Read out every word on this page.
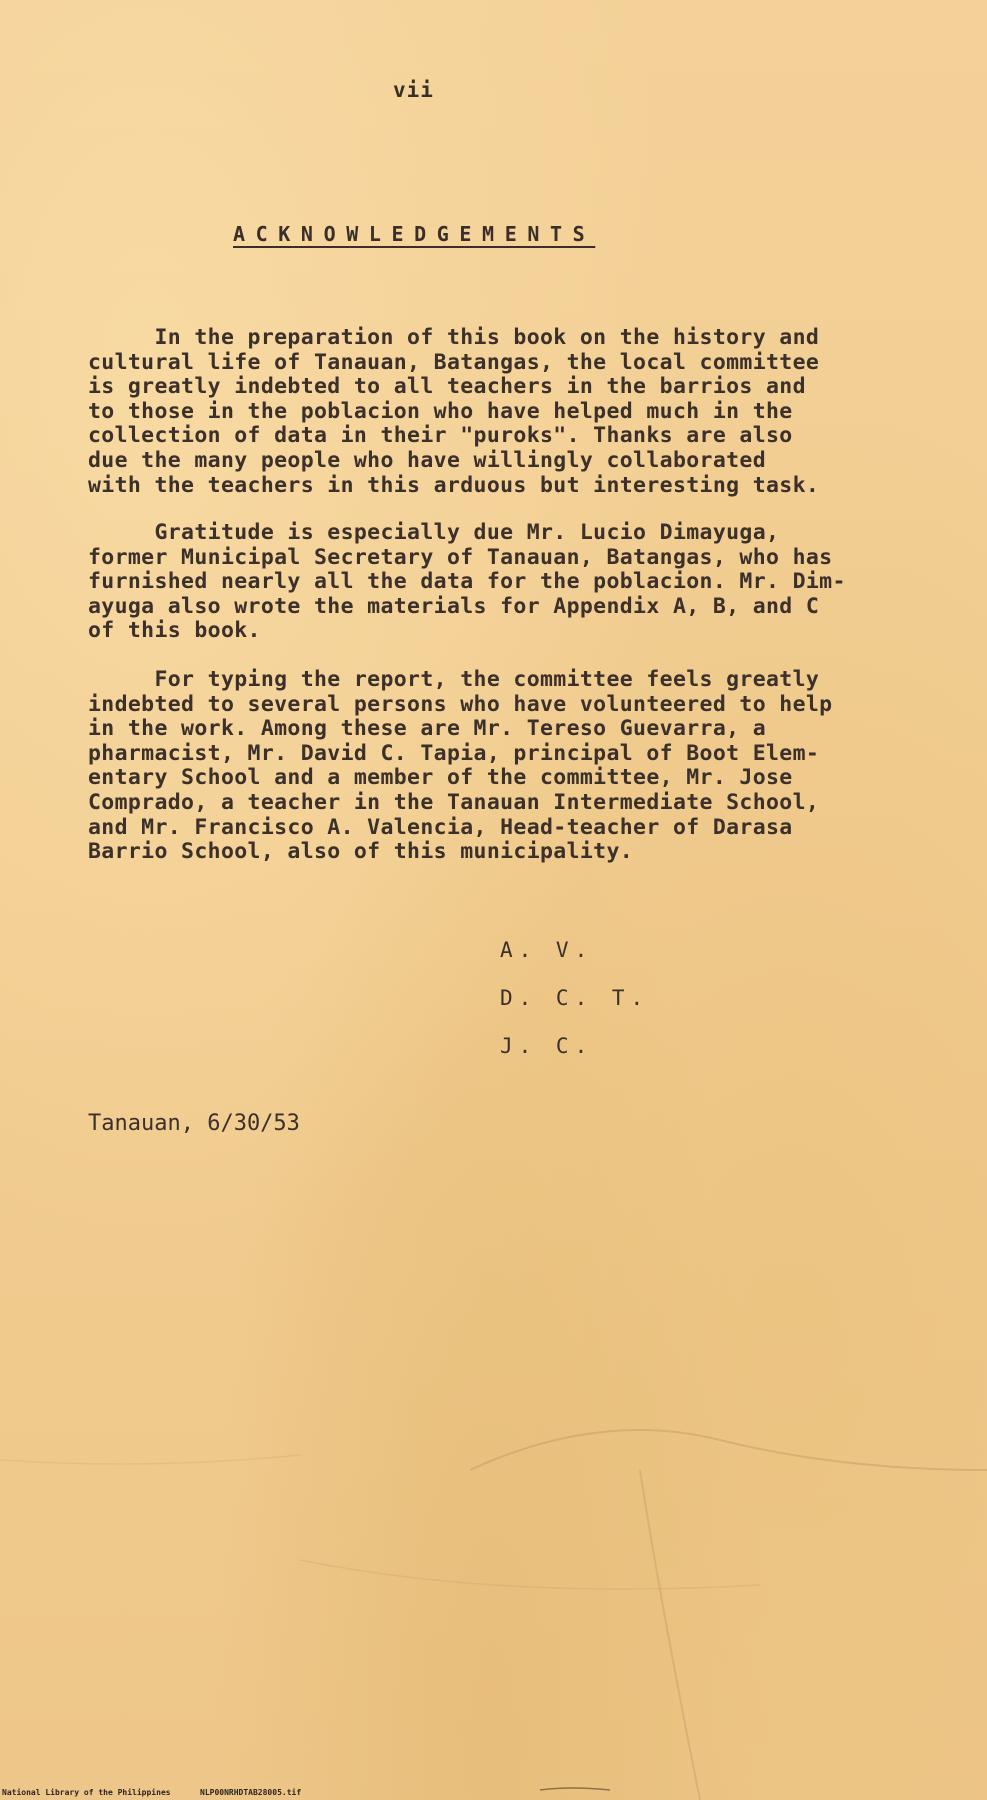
vii
ACKNOWLEDGEMENTS
In the preparation of this book on the history and
cultural life of Tanauan, Batangas, the local committee
is greatly indebted to all teachers in the barrios and
to those in the poblacion who have helped much in the
collection of data in their "puroks". Thanks are also
due the many people who have willingly collaborated
with the teachers in this arduous but interesting task.
Gratitude is especially due Mr. Lucio Dimayuga,
former Municipal Secretary of Tanauan, Batangas, who has
furnished nearly all the data for the poblacion. Mr. Dim-
ayuga also wrote the materials for Appendix A, B, and C
of this book.
For typing the report, the committee feels greatly
indebted to several persons who have volunteered to help
in the work. Among these are Mr. Tereso Guevarra, a
pharmacist, Mr. David C. Tapia, principal of Boot Elem-
entary School and a member of the committee, Mr. Jose
Comprado, a teacher in the Tanauan Intermediate School,
and Mr. Francisco A. Valencia, Head-teacher of Darasa
Barrio School, also of this municipality.
A. V.
D. C. T.
J. C.
Tanauan, 6/30/53
National Library of the Philippines	NLP00NRHDTAB28005.tif
